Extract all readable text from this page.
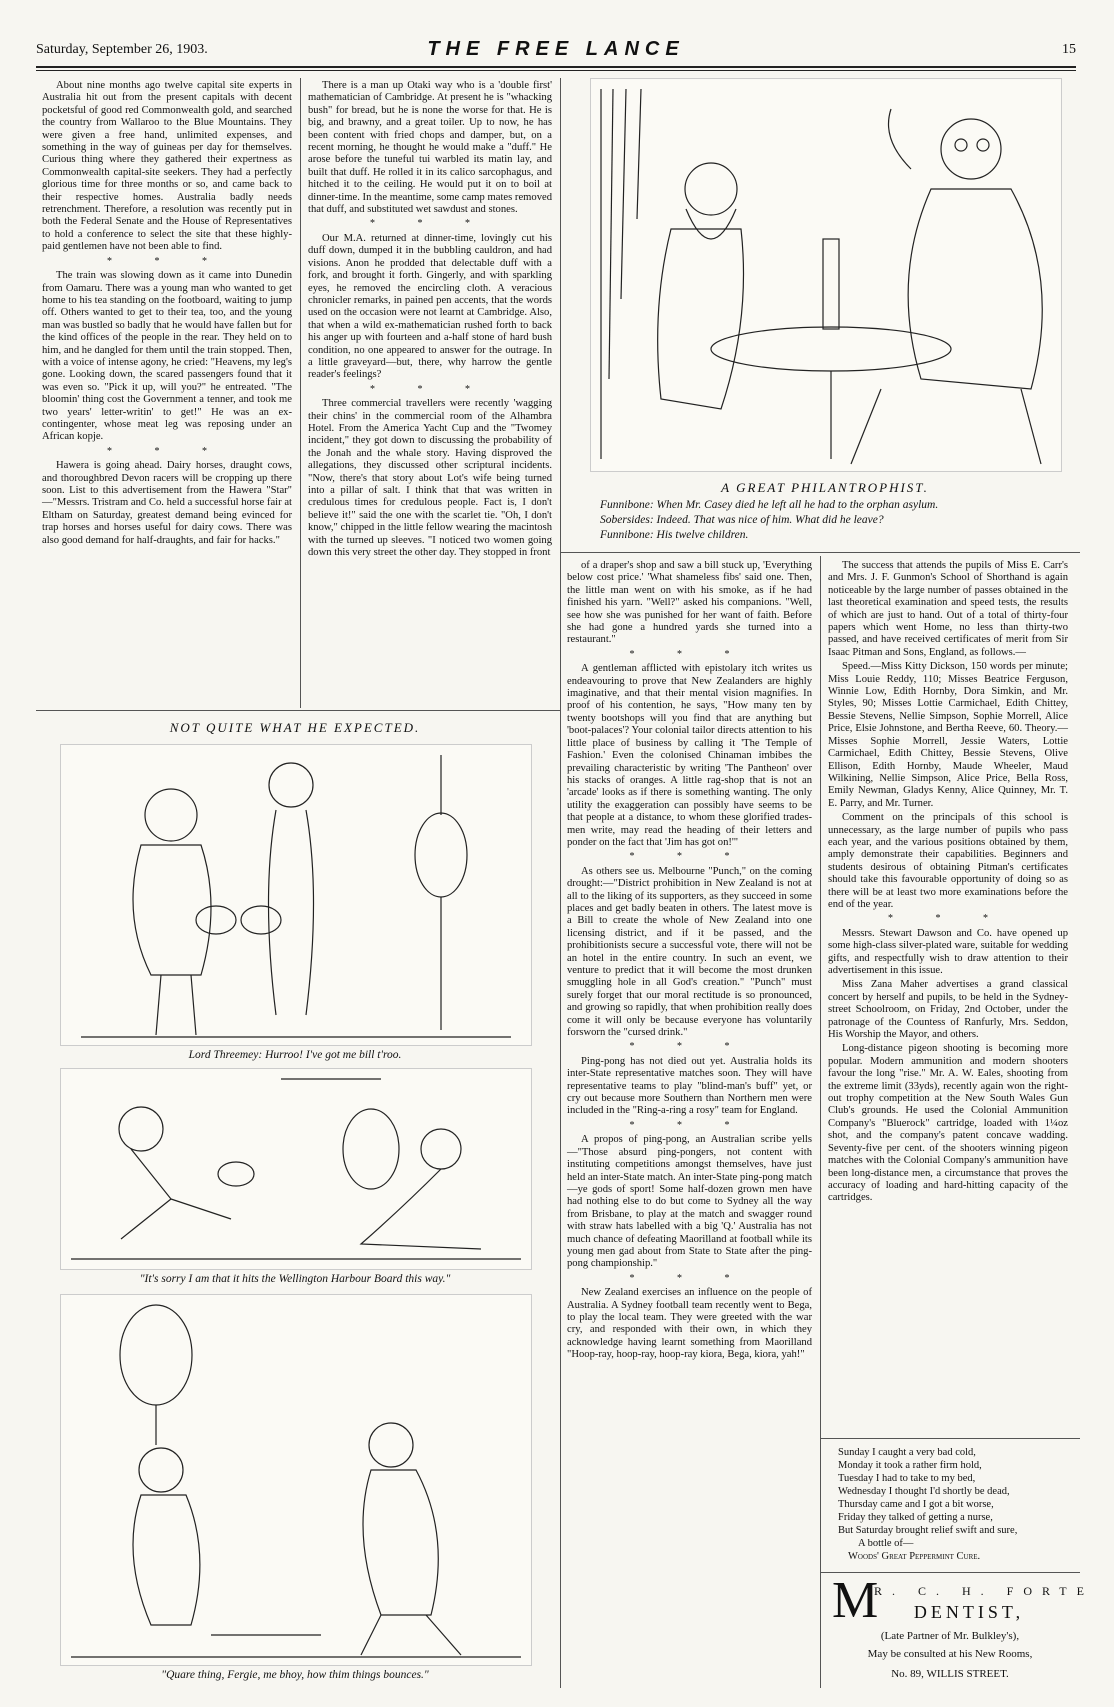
Saturday, September 26, 1903.	THE FREE LANCE	15

About nine months ago twelve capital site experts in Australia hit out from the present capitals with decent pocketsful of good red Commonwealth gold, and searched the country from Wallaroo to the Blue Mountains. They were given a free hand, unlimited expenses, and something in the way of guineas per day for themselves. Curious thing where they gathered their expertness as Commonwealth capital-site seekers. They had a perfectly glorious time for three months or so, and came back to their respective homes. Australia badly needs retrenchment. Therefore, a resolution was recently put in both the Federal Senate and the House of Representatives to hold a conference to select the site that these highly-paid gentlemen have not been able to find.

* * *

The train was slowing down as it came into Dunedin from Oamaru. There was a young man who wanted to get home to his tea standing on the footboard, waiting to jump off. Others wanted to get to their tea, too, and the young man was bustled so badly that he would have fallen but for the kind offices of the people in the rear. They held on to him, and he dangled for them until the train stopped. Then, with a voice of intense agony, he cried: "Heavens, my leg's gone. Looking down, the scared passengers found that it was even so. "Pick it up, will you?" he entreated. "The bloomin' thing cost the Government a tenner, and took me two years' letter-writin' to get!" He was an ex-contingenter, whose meat leg was reposing under an African kopje.

* * *

Hawera is going ahead. Dairy horses, draught cows, and thoroughbred Devon racers will be cropping up there soon. List to this advertisement from the Hawera "Star" —"Messrs. Tristram and Co. held a successful horse fair at Eltham on Saturday, greatest demand being evinced for trap horses and horses useful for dairy cows. There was also good demand for half-draughts, and fair for hacks."

There is a man up Otaki way who is a 'double first' mathematician of Cambridge. At present he is "whacking bush" for bread, but he is none the worse for that. He is big, and brawny, and a great toiler. Up to now, he has been content with fried chops and damper, but, on a recent morning, he thought he would make a "duff." He arose before the tuneful tui warbled its matin lay, and built that duff. He rolled it in its calico sarcophagus, and hitched it to the ceiling. He would put it on to boil at dinner-time. In the meantime, some camp mates removed that duff, and substituted wet sawdust and stones.

* * *

Our M.A. returned at dinner-time, lovingly cut his duff down, dumped it in the bubbling cauldron, and had visions. Anon he prodded that delectable duff with a fork, and brought it forth. Gingerly, and with sparkling eyes, he removed the encircling cloth. A veracious chronicler remarks, in pained pen accents, that the words used on the occasion were not learnt at Cambridge. Also, that when a wild ex-mathematician rushed forth to back his anger up with fourteen and a-half stone of hard bush condition, no one appeared to answer for the outrage. In a little graveyard—but, there, why harrow the gentle reader's feelings?

* * *

Three commercial travellers were recently 'wagging their chins' in the commercial room of the Alhambra Hotel. From the America Yacht Cup and the "Twomey incident," they got down to discussing the probability of the Jonah and the whale story. Having disproved the allegations, they discussed other scriptural incidents. "Now, there's that story about Lot's wife being turned into a pillar of salt. I think that that was written in credulous times for credulous people. Fact is, I don't believe it!" said the one with the scarlet tie. "Oh, I don't know," chipped in the little fellow wearing the macintosh with the turned up sleeves. "I noticed two women going down this very street the other day. They stopped in front

A GREAT PHILANTROPHIST.
Funnibone: When Mr. Casey died he left all he had to the orphan asylum.
Sobersides: Indeed. That was nice of him. What did he leave?
Funnibone: His twelve children.
NOT QUITE WHAT HE EXPECTED.
Lord Threemey: Hurroo! I've got me bill t'roo.
"It's sorry I am that it hits the Wellington Harbour Board this way."
"Quare thing, Fergie, me bhoy, how thim things bounces."

of a draper's shop and saw a bill stuck up, 'Everything below cost price.' 'What shameless fibs' said one. Then, the little man went on with his smoke, as if he had finished his yarn. "Well?" asked his companions. "Well, see how she was punished for her want of faith. Before she had gone a hundred yards she turned into a restaurant."

* * *

A gentleman afflicted with epistolary itch writes us endeavouring to prove that New Zealanders are highly imaginative, and that their mental vision magnifies. In proof of his contention, he says, "How many ten by twenty bootshops will you find that are anything but 'boot-palaces'? Your colonial tailor directs attention to his little place of business by calling it 'The Temple of Fashion.' Even the colonised Chinaman imbibes the prevailing characteristic by writing 'The Pantheon' over his stacks of oranges. A little rag-shop that is not an 'arcade' looks as if there is something wanting. The only utility the exaggeration can possibly have seems to be that people at a distance, to whom these glorified trades-men write, may read the heading of their letters and ponder on the fact that 'Jim has got on!'"

* * *

As others see us. Melbourne "Punch," on the coming drought:—"District prohibition in New Zealand is not at all to the liking of its supporters, as they succeed in some places and get badly beaten in others. The latest move is a Bill to create the whole of New Zealand into one licensing district, and if it be passed, and the prohibitionists secure a successful vote, there will not be an hotel in the entire country. In such an event, we venture to predict that it will become the most drunken smuggling hole in all God's creation." "Punch" must surely forget that our moral rectitude is so pronounced, and growing so rapidly, that when prohibition really does come it will only be because everyone has voluntarily forsworn the "cursed drink."

* * *

Ping-pong has not died out yet. Australia holds its inter-State representative matches soon. They will have representative teams to play "blind-man's buff" yet, or cry out because more Southern than Northern men were included in the "Ring-a-ring a rosy" team for England.

* * *

A propos of ping-pong, an Australian scribe yells —"Those absurd ping-pongers, not content with instituting competitions amongst themselves, have just held an inter-State match. An inter-State ping-pong match—ye gods of sport! Some half-dozen grown men have had nothing else to do but come to Sydney all the way from Brisbane, to play at the match and swagger round with straw hats labelled with a big 'Q.' Australia has not much chance of defeating Maorilland at football while its young men gad about from State to State after the ping-pong championship."

* * *

New Zealand exercises an influence on the people of Australia. A Sydney football team recently went to Bega, to play the local team. They were greeted with the war cry, and responded with their own, in which they acknowledge having learnt something from Maorilland "Hoop-ray, hoop-ray, hoop-ray kiora, Bega, kiora, yah!"

The success that attends the pupils of Miss E. Carr's and Mrs. J. F. Gunmon's School of Shorthand is again noticeable by the large number of passes obtained in the last theoretical examination and speed tests, the results of which are just to hand. Out of a total of thirty-four papers which went Home, no less than thirty-two passed, and have received certificates of merit from Sir Isaac Pitman and Sons, England, as follows.—

Speed.—Miss Kitty Dickson, 150 words per minute; Miss Louie Reddy, 110; Misses Beatrice Ferguson, Winnie Low, Edith Hornby, Dora Simkin, and Mr. Styles, 90; Misses Lottie Carmichael, Edith Chittey, Bessie Stevens, Nellie Simpson, Sophie Morrell, Alice Price, Elsie Johnstone, and Bertha Reeve, 60. Theory.—Misses Sophie Morrell, Jessie Waters, Lottie Carmichael, Edith Chittey, Bessie Stevens, Olive Ellison, Edith Hornby, Maude Wheeler, Maud Wilkining, Nellie Simpson, Alice Price, Bella Ross, Emily Newman, Gladys Kenny, Alice Quinney, Mr. T. E. Parry, and Mr. Turner.

Comment on the principals of this school is unnecessary, as the large number of pupils who pass each year, and the various positions obtained by them, amply demonstrate their capabilities. Beginners and students desirous of obtaining Pitman's certificates should take this favourable opportunity of doing so as there will be at least two more examinations before the end of the year.

* * *

Messrs. Stewart Dawson and Co. have opened up some high-class silver-plated ware, suitable for wedding gifts, and respectfully wish to draw attention to their advertisement in this issue.

Miss Zana Maher advertises a grand classical concert by herself and pupils, to be held in the Sydney-street Schoolroom, on Friday, 2nd October, under the patronage of the Countess of Ranfurly, Mrs. Seddon, His Worship the Mayor, and others.

Long-distance pigeon shooting is becoming more popular. Modern ammunition and modern shooters favour the long "rise." Mr. A. W. Eales, shooting from the extreme limit (33yds), recently again won the right-out trophy competition at the New South Wales Gun Club's grounds. He used the Colonial Ammunition Company's "Bluerock" cartridge, loaded with 1¼oz shot, and the company's patent concave wadding. Seventy-five per cent. of the shooters winning pigeon matches with the Colonial Company's ammunition have been long-distance men, a circumstance that proves the accuracy of loading and hard-hitting capacity of the cartridges.

Sunday I caught a very bad cold,
Monday it took a rather firm hold,
Tuesday I had to take to my bed,
Wednesday I thought I'd shortly be dead,
Thursday came and I got a bit worse,
Friday they talked of getting a nurse,
But Saturday brought relief swift and sure,
A bottle of—
Woods' Great Peppermint Cure.
M
R. C. H. FORTE
DENTIST,
(Late Partner of Mr. Bulkley's),
May be consulted at his New Rooms,
No. 89, WILLIS STREET.
